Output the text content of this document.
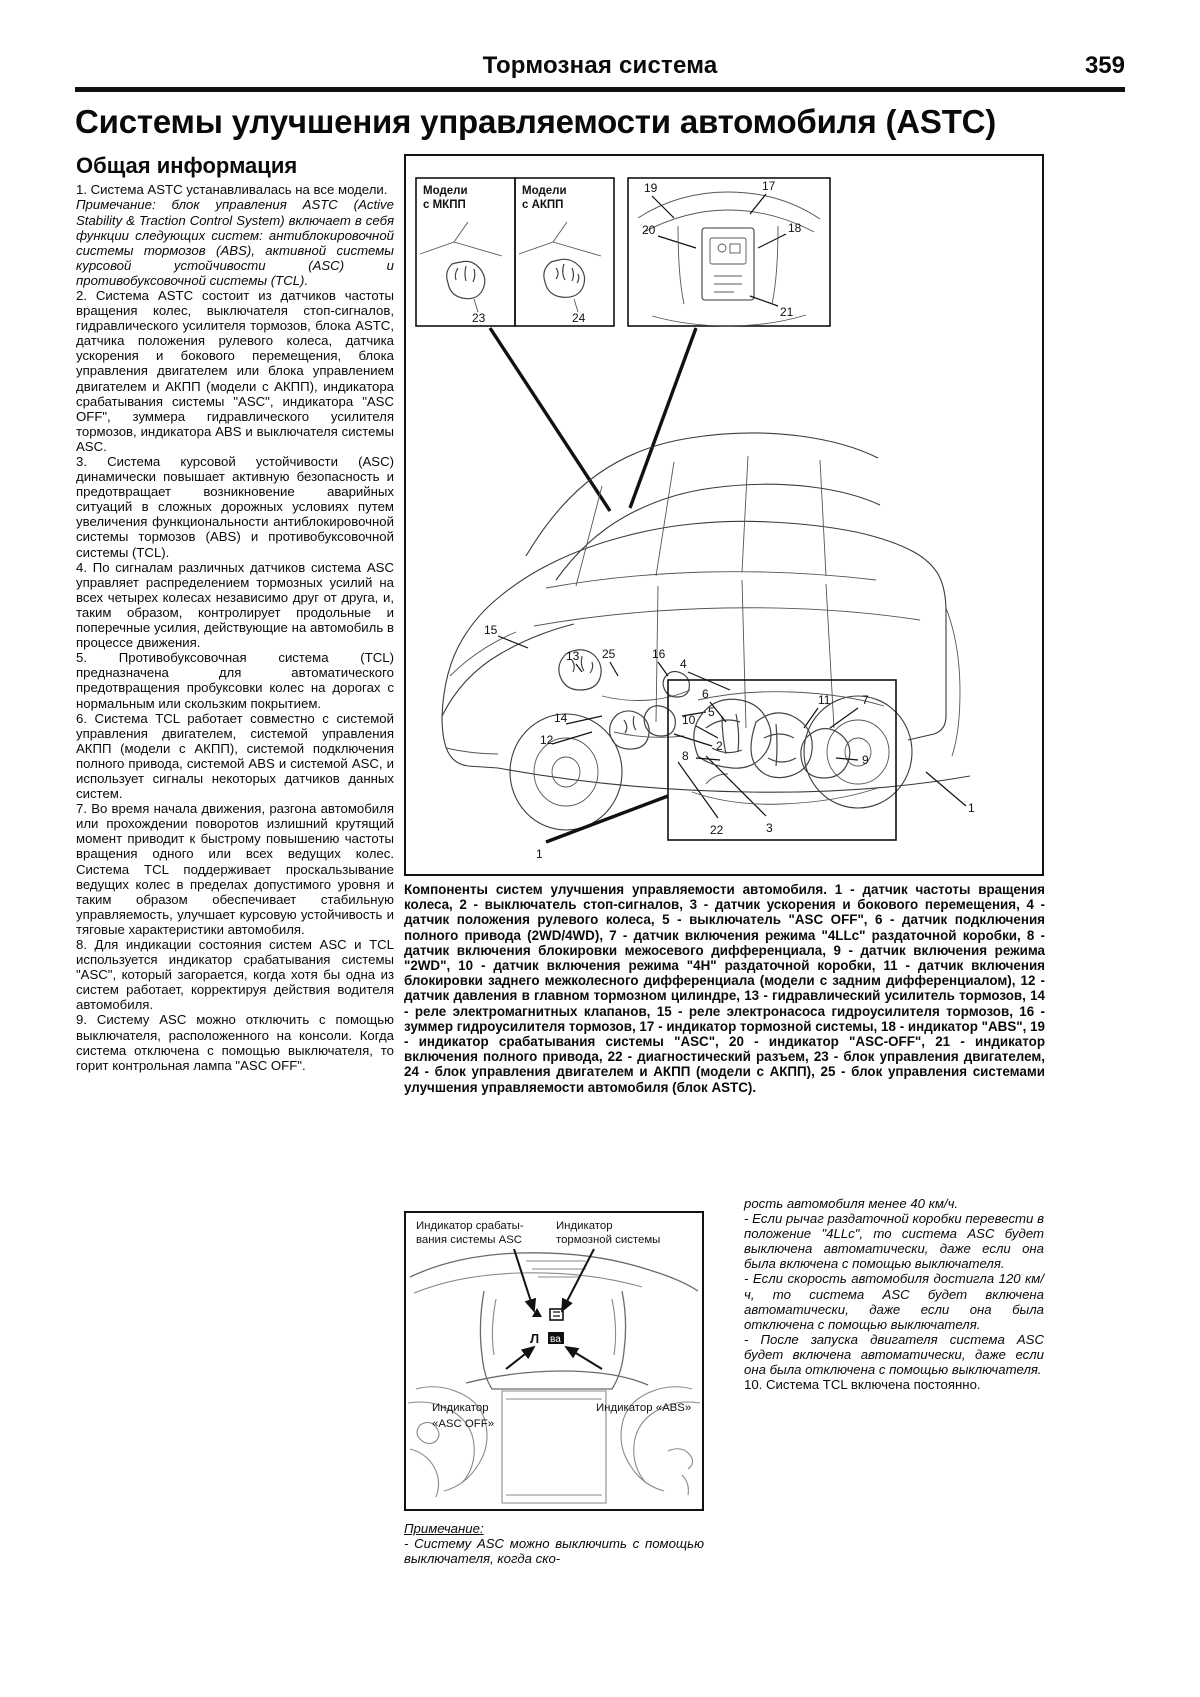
Тормозная система	359
Системы улучшения управляемости автомобиля (ASTC)
Общая информация

1. Система ASTC устанавливалась на все модели.

Примечание: блок управления ASTC (Active Stability & Traction Control System) включает в себя функции следующих систем: антиблокировочной системы тормозов (ABS), активной системы курсовой устойчивости (ASC) и противобуксовочной системы (TCL).

2. Система ASTC состоит из датчиков частоты вращения колес, выключателя стоп-сигналов, гидравлического усилителя тормозов, блока ASTC, датчика положения рулевого колеса, датчика ускорения и бокового перемещения, блока управления двигателем или блока управлением двигателем и АКПП (модели с АКПП), индикатора срабатывания системы "ASC", индикатора "ASC OFF", зуммера гидравлического усилителя тормозов, индикатора ABS и выключателя системы ASC.

3. Система курсовой устойчивости (ASC) динамически повышает активную безопасность и предотвращает возникновение аварийных ситуаций в сложных дорожных условиях путем увеличения функциональности антиблокировочной системы тормозов (ABS) и противобуксовочной системы (TCL).

4. По сигналам различных датчиков система ASC управляет распределением тормозных усилий на всех четырех колесах независимо друг от друга, и, таким образом, контролирует продольные и поперечные усилия, действующие на автомобиль в процессе движения.

5. Противобуксовочная система (TCL) предназначена для автоматического предотвращения пробуксовки колес на дорогах с нормальным или скользким покрытием.

6. Система TCL работает совместно с системой управления двигателем, системой управления АКПП (модели с АКПП), системой подключения полного привода, системой ABS и системой ASC, и использует сигналы некоторых датчиков данных систем.

7. Во время начала движения, разгона автомобиля или прохождении поворотов излишний крутящий момент приводит к быстрому повышению частоты вращения одного или всех ведущих колес. Система TCL поддерживает проскальзывание ведущих колес в пределах допустимого уровня и таким образом обеспечивает стабильную управляемость, улучшает курсовую устойчивость и тяговые характеристики автомобиля.

8. Для индикации состояния систем ASC и TCL используется индикатор срабатывания системы "ASC", который загорается, когда хотя бы одна из систем работает, корректируя действия водителя автомобиля.

9. Систему ASC можно отключить с помощью выключателя, расположенного на консоли. Когда система отключена с помощью выключателя, то горит контрольная лампа "ASC OFF".

Модели
с МКПП
23
Модели
с АКПП
24
19	17
20	18
21
15
13 25	16
4
5
14
12	2
3
22
11
1
1
6
10
8
7
9
Компоненты систем улучшения управляемости автомобиля. 1 - датчик частоты вращения колеса, 2 - выключатель стоп-сигналов, 3 - датчик ускорения и бокового перемещения, 4 - датчик положения рулевого колеса, 5 - выключатель "ASC OFF", 6 - датчик подключения полного привода (2WD/4WD), 7 - датчик включения режима "4LLc" раздаточной коробки, 8 - датчик включения блокировки межосевого дифференциала, 9 - датчик включения режима "2WD", 10 - датчик включения режима "4H" раздаточной коробки, 11 - датчик включения блокировки заднего межколесного дифференциала (модели с задним дифференциалом), 12 - датчик давления в главном тормозном цилиндре, 13 - гидравлический усилитель тормозов, 14 - реле электромагнитных клапанов, 15 - реле электронасоса гидроусилителя тормозов, 16 - зуммер гидроусилителя тормозов, 17 - индикатор тормозной системы, 18 - индикатор "ABS", 19 - индикатор срабатывания системы "ASC", 20 - индикатор "ASC-OFF", 21 - индикатор включения полного привода, 22 - диагностический разъем, 23 - блок управления двигателем, 24 - блок управления двигателем и АКПП (модели с АКПП), 25 - блок управления системами улучшения управляемости автомобиля (блок ASTC).
Индикатор срабаты-
вания системы ASC
Индикатор
тормозной системы
Л ва
Индикатор
«ASC OFF»
Индикатор «ABS»
Примечание:
- Систему ASC можно выключить с помощью выключателя, когда ско-
рость автомобиля менее 40 км/ч.
- Если рычаг раздаточной коробки перевести в положение "4LLc", то система ASC будет выключена автоматически, даже если она была включена с помощью выключателя.
- Если скорость автомобиля достигла 120 км/ч, то система ASC будет включена автоматически, даже если она была отключена с помощью выключателя.
- После запуска двигателя система ASC будет включена автоматически, даже если она была отключена с помощью выключателя.
10. Система TCL включена постоянно.
